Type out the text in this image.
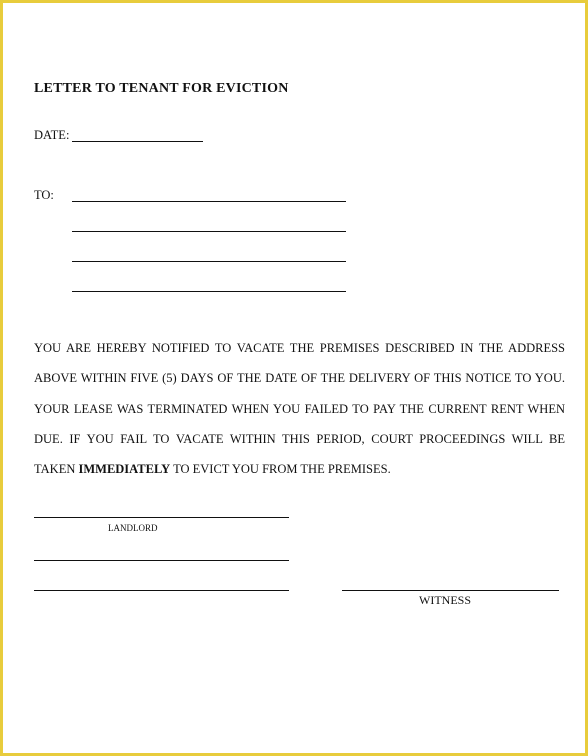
LETTER TO TENANT FOR EVICTION
DATE:
TO:
YOU ARE HEREBY NOTIFIED TO VACATE THE PREMISES DESCRIBED IN THE ADDRESS ABOVE WITHIN FIVE (5) DAYS OF THE DATE OF THE DELIVERY OF THIS NOTICE TO YOU. YOUR LEASE WAS TERMINATED WHEN YOU FAILED TO PAY THE CURRENT RENT WHEN DUE. IF YOU FAIL TO VACATE WITHIN THIS PERIOD, COURT PROCEEDINGS WILL BE TAKEN IMMEDIATELY TO EVICT YOU FROM THE PREMISES.
LANDLORD
WITNESS
